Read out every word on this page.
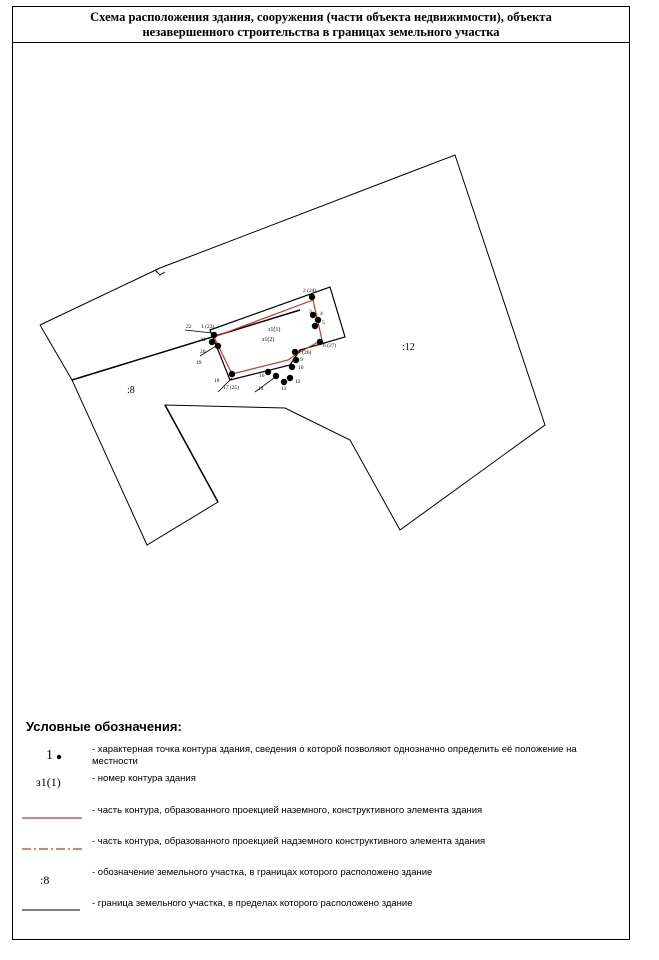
Схема расположения здания, сооружения (части объекта недвижимости), объекта
незавершенного строительства в границах земельного участка
1 (23)
22
21
20
19
2 (24)
3 4
5
6 (27)
7 (26)
9
10
12
13
14
16
17 (25)
18
з1(1)
з1(2)
:12
:8
Условные обозначения:
1
з1(1)
:8
- характерная точка контура здания, сведения о которой позволяют однозначно определить её положение на местности
- номер контура здания
- часть контура, образованного проекцией наземного, конструктивного элемента здания
- часть контура, образованного проекцией надземного конструктивного элемента здания
- обозначение земельного участка, в границах которого расположено здание
- граница земельного участка, в пределах которого расположено здание
